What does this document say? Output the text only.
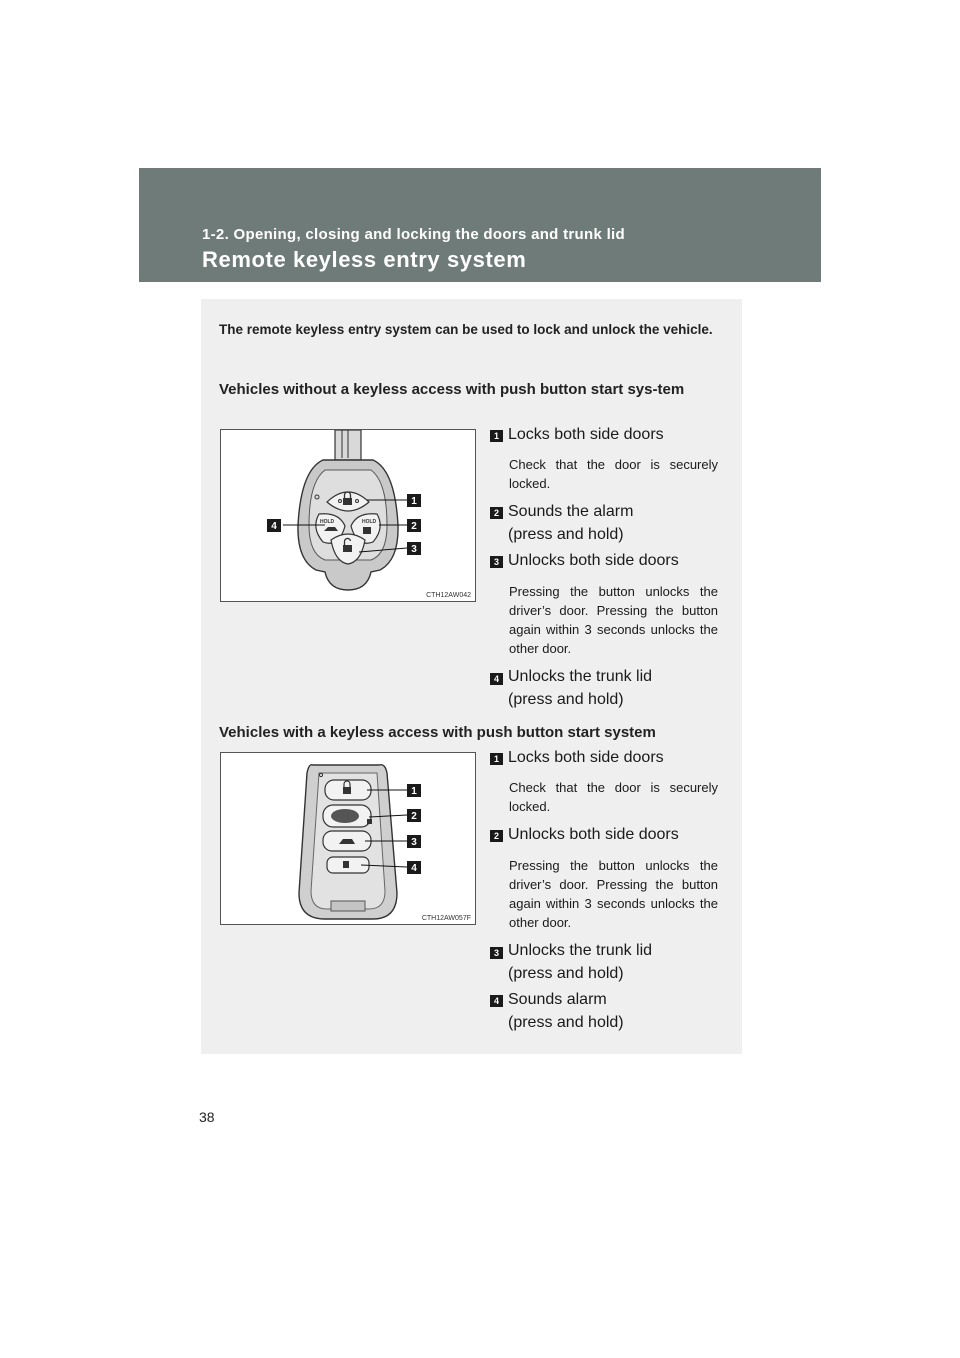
1-2. Opening, closing and locking the doors and trunk lid
Remote keyless entry system
The remote keyless entry system can be used to lock and unlock the vehicle.
Vehicles without a keyless access with push button start sys-tem
HOLD	HOLD
1
2
3
4
CTH12AW042
1 Locks both side doors
Check that the door is securely locked.
2 Sounds the alarm
(press and hold)
3 Unlocks both side doors
Pressing the button unlocks the driver’s door. Pressing the button again within 3 seconds unlocks the other door.
4 Unlocks the trunk lid
(press and hold)
Vehicles with a keyless access with push button start system
1
2
3
4
CTH12AW057F
1 Locks both side doors
Check that the door is securely locked.
2 Unlocks both side doors
Pressing the button unlocks the driver’s door. Pressing the button again within 3 seconds unlocks the other door.
3 Unlocks the trunk lid
(press and hold)
4 Sounds alarm
(press and hold)
38
